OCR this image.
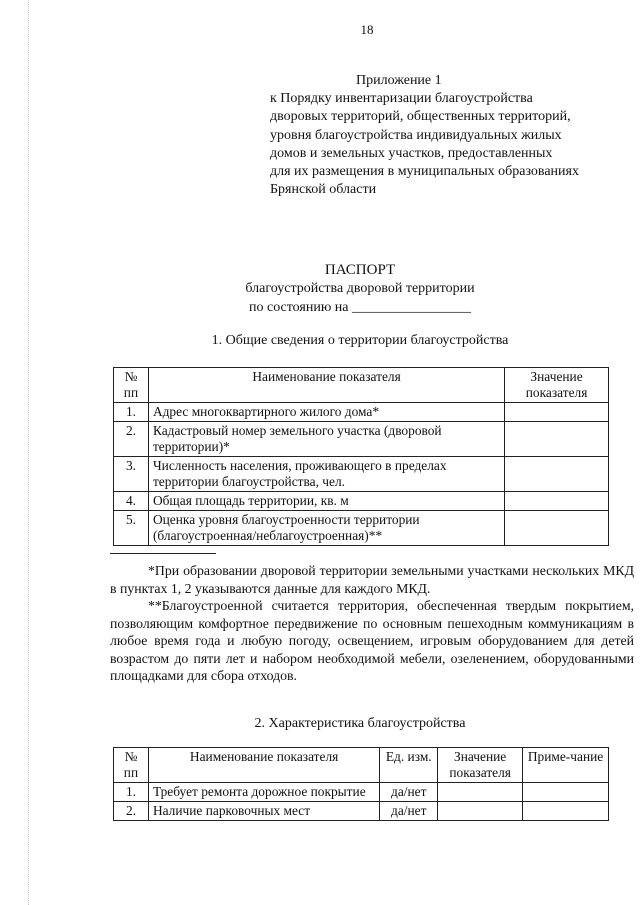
18
Приложение 1
к Порядку инвентаризации благоустройства
дворовых территорий, общественных территорий,
уровня благоустройства индивидуальных жилых
домов и земельных участков, предоставленных
для их размещения в муниципальных образованиях
Брянской области
ПАСПОРТ
благоустройства дворовой территории
по состоянию на _________________
1. Общие сведения о территории благоустройства
№ пп	Наименование показателя	Значение показателя
1.	Адрес многоквартирного жилого дома*	
2.	Кадастровый номер земельного участка (дворовой территории)*	
3.	Численность населения, проживающего в пределах территории благоустройства, чел.	
4.	Общая площадь территории, кв. м	
5.	Оценка уровня благоустроенности территории (благоустроенная/неблагоустроенная)**	
*При образовании дворовой территории земельными участками нескольких МКД в пунктах 1, 2 указываются данные для каждого МКД.
**Благоустроенной считается территория, обеспеченная твердым покрытием, позволяющим комфортное передвижение по основным пешеходным коммуникациям в любое время года и любую погоду, освещением, игровым оборудованием для детей возрастом до пяти лет и набором необходимой мебели, озеленением, оборудованными площадками для сбора отходов.
2. Характеристика благоустройства
№ пп	Наименование показателя	Ед. изм.	Значение показателя	Приме-чание
1.	Требует ремонта дорожное покрытие	да/нет		
2.	Наличие парковочных мест	да/нет		
